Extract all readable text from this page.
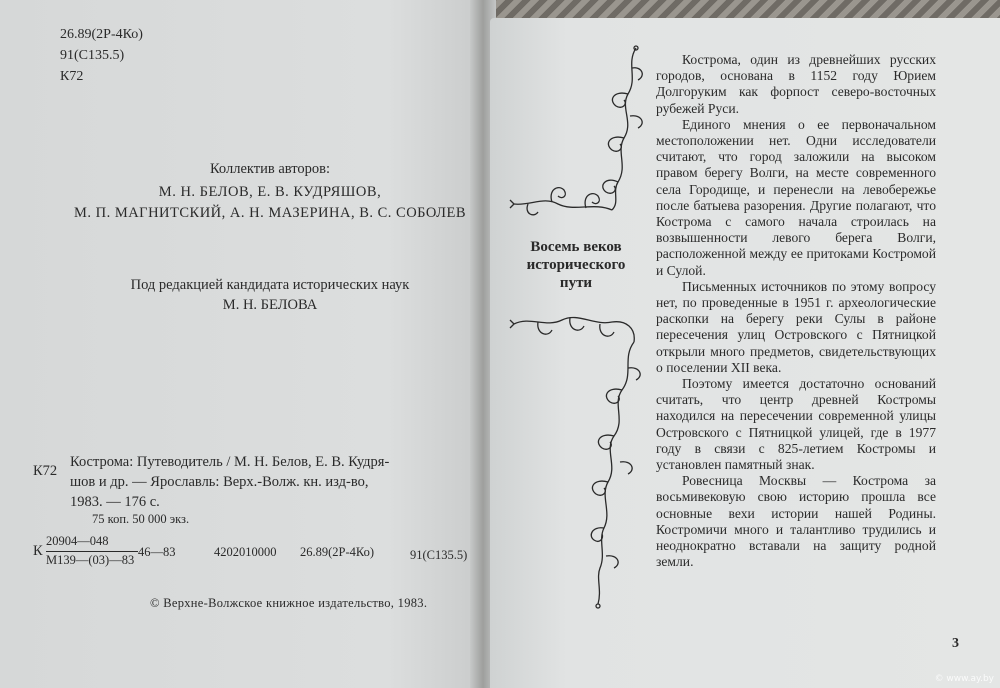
26.89(2Р-4Ко)

91(С135.5)

К72

Коллектив авторов:

М. Н. БЕЛОВ, Е. В. КУДРЯШОВ,

М. П. МАГНИТСКИЙ, А. Н. МАЗЕРИНА, В. С. СОБОЛЕВ

Под редакцией кандидата исторических наук

М. Н. БЕЛОВА

К72

Кострома: Путеводитель / М. Н. Белов, Е. В. Кудря-

шов и др. — Ярославль: Верх.-Волж. кн. изд-во,

1983. — 176 с.

75 коп. 50 000 экз.

К

20904—048

М139—(03)—83

46—83	4202010000 26.89(2Р-4Ко)	91(С135.5)

© Верхне-Волжское книжное издательство, 1983.

Восемь веков исторического пути

Кострома, один из древнейших русских городов, основана в 1152 году Юрием Долгоруким как форпост северо-восточных рубежей Руси.

Единого мнения о ее первоначальном местоположении нет. Одни исследователи считают, что город заложили на высоком правом берегу Волги, на месте современного села Городище, и перенесли на левобережье после батыева разорения. Другие полагают, что Кострома с самого начала строилась на возвышенности левого берега Волги, расположенной между ее притоками Костромой и Сулой.

Письменных источников по этому вопросу нет, по проведенные в 1951 г. археологические раскопки на берегу реки Сулы в районе пересечения улиц Островского с Пятницкой открыли много предметов, свидетельствующих о поселении XII века.

Поэтому имеется достаточно оснований считать, что центр древней Костромы находился на пересечении современной улицы Островского с Пятницкой улицей, где в 1977 году в связи с 825-летием Костромы и установлен памятный знак.

Ровесница Москвы — Кострома за восьмивековую свою историю прошла все основные вехи истории нашей Родины. Костромичи много и талантливо трудились и неоднократно вставали на защиту родной земли.

3
© www.ay.by
